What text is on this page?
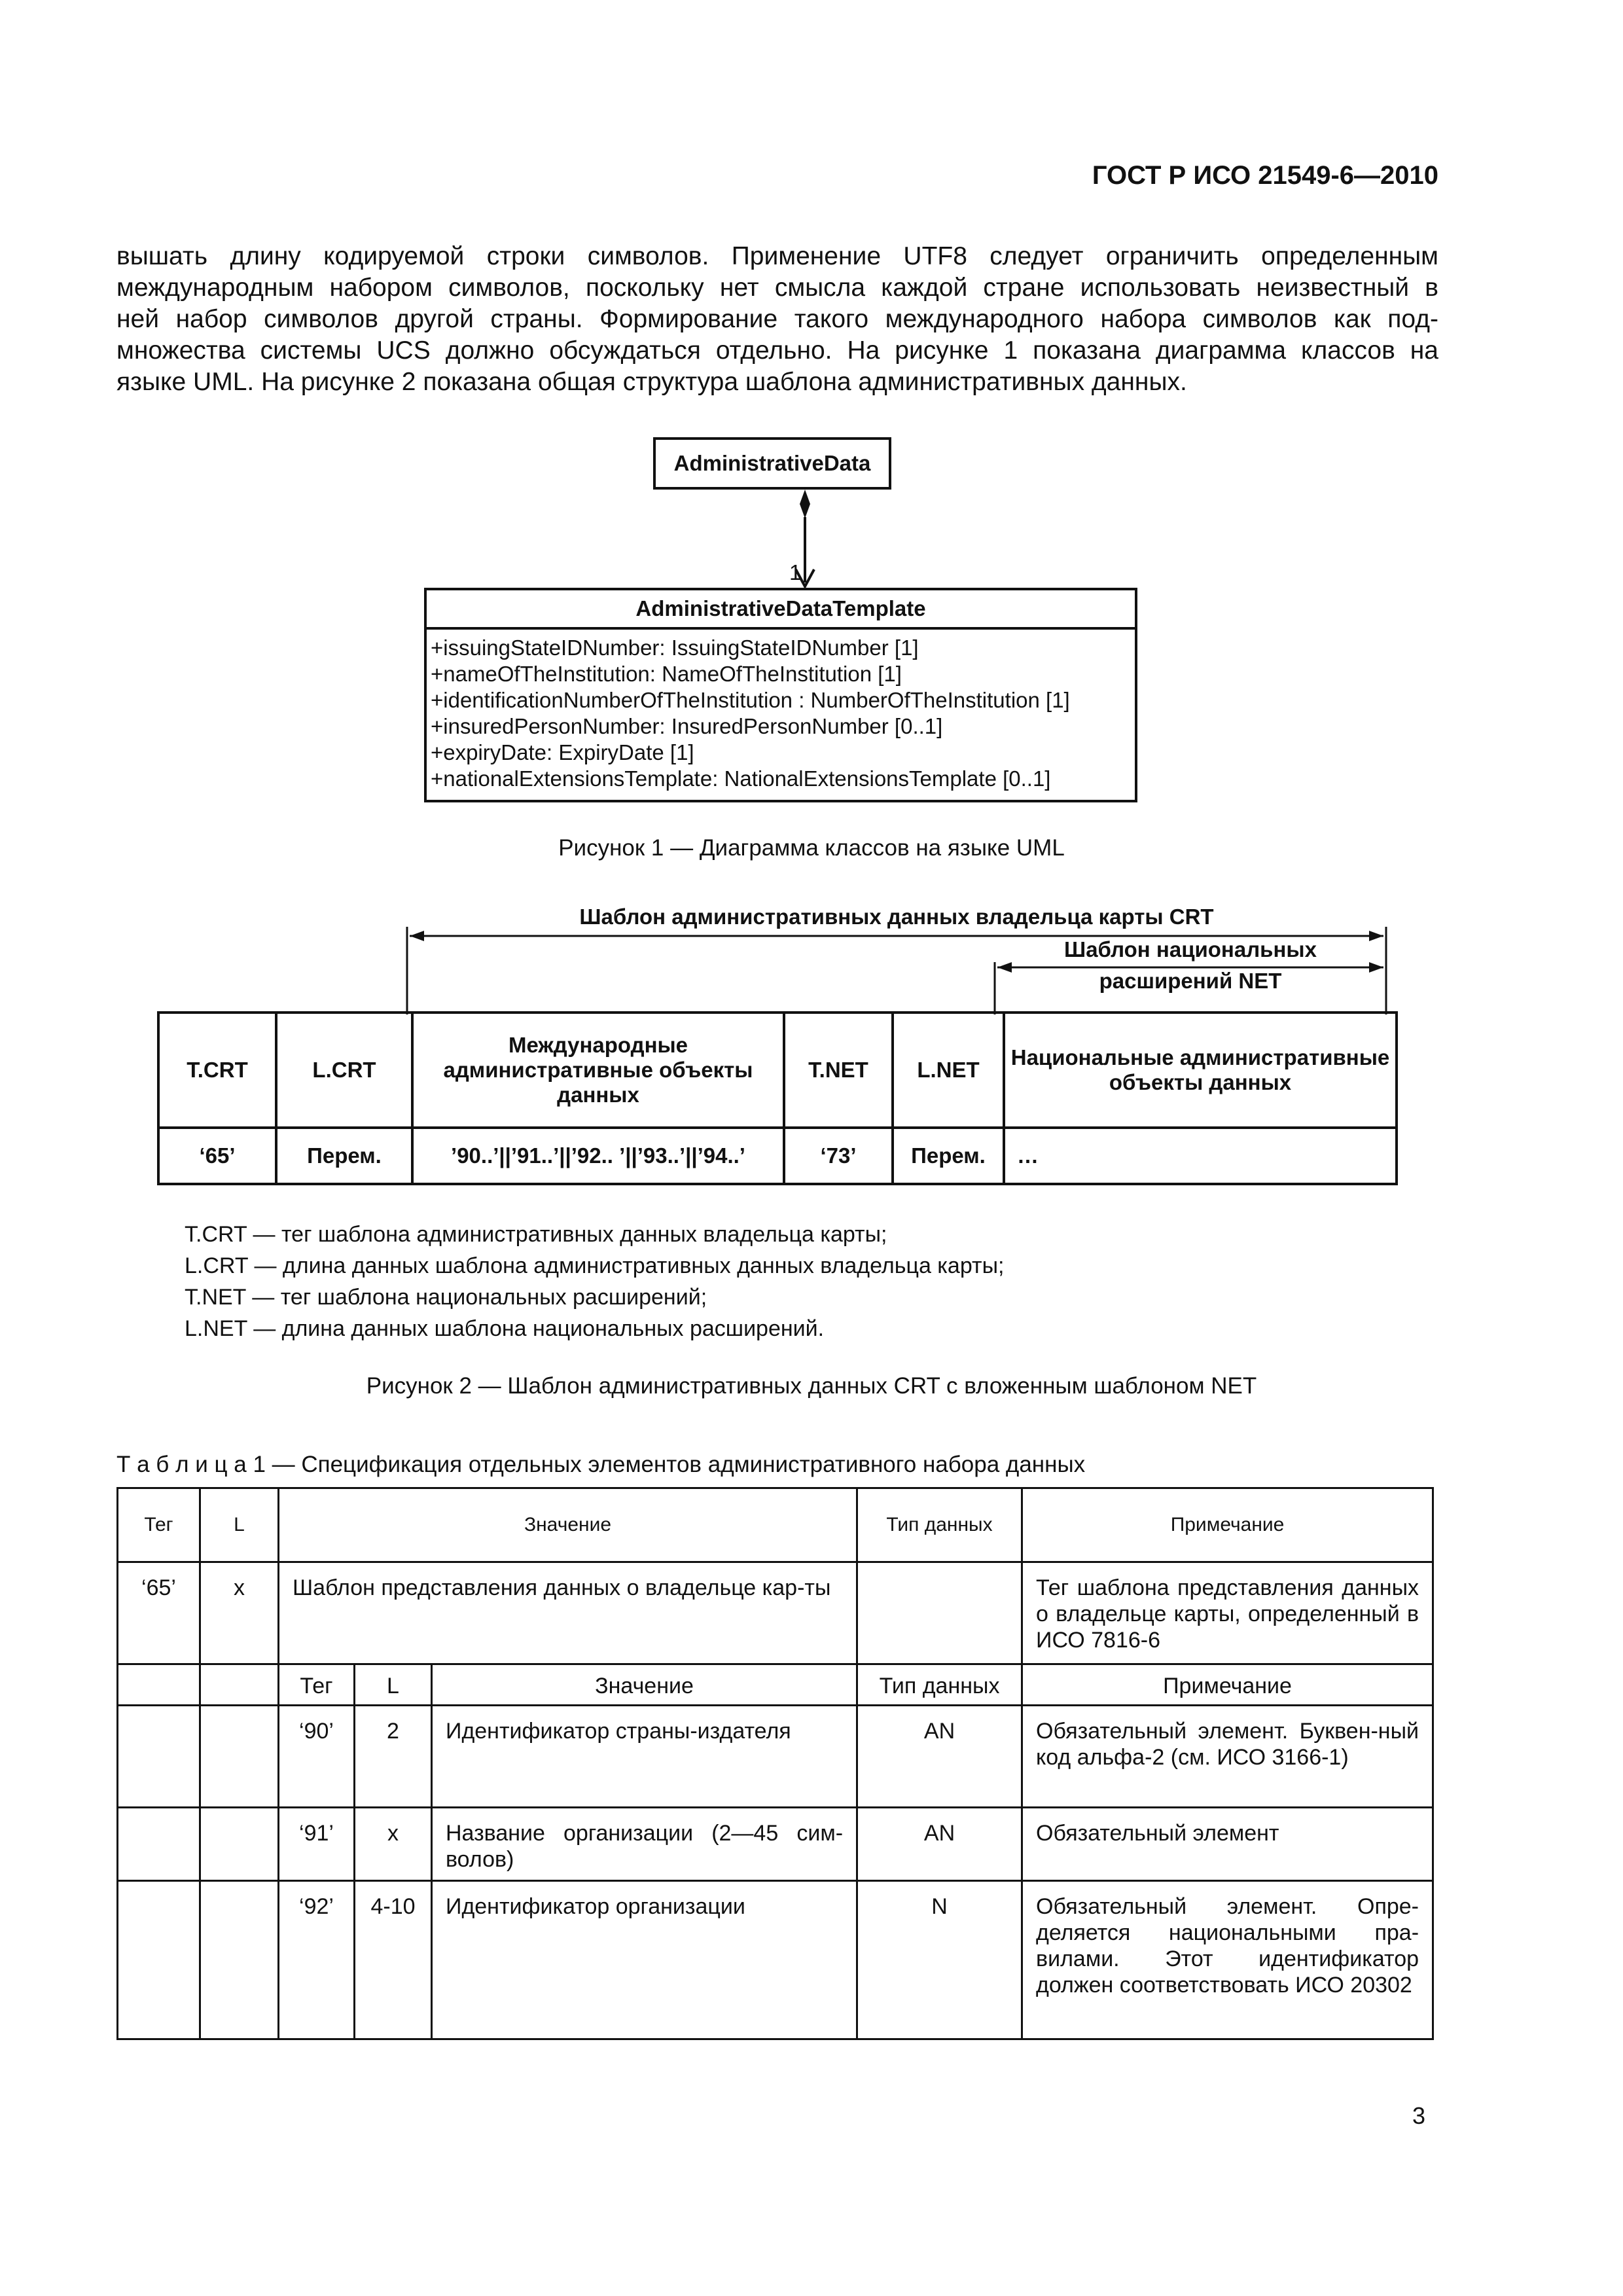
ГОСТ Р ИСО 21549-6—2010
вышать длину кодируемой строки символов. Применение UTF8 следует ограничить определенным
международным набором символов, поскольку нет смысла каждой стране использовать неизвестный в
ней набор символов другой страны. Формирование такого международного набора символов как под-
множества системы UCS должно обсуждаться отдельно. На рисунке 1 показана диаграмма классов на
языке UML. На рисунке 2 показана общая структура шаблона административных данных.
AdministrativeData
1
AdministrativeDataTemplate
+issuingStateIDNumber: IssuingStateIDNumber [1]
+nameOfTheInstitution: NameOfTheInstitution [1]
+identificationNumberOfTheInstitution : NumberOfTheInstitution [1]
+insuredPersonNumber: InsuredPersonNumber [0..1]
+expiryDate: ExpiryDate [1]
+nationalExtensionsTemplate: NationalExtensionsTemplate [0..1]
Рисунок 1 — Диаграмма классов на языке UML
Шаблон административных данных владельца карты CRT
Шаблон национальных
расширений NET
T.CRT	L.CRT	Международные административные объекты данных	T.NET	L.NET	Национальные административные объекты данных
‘65’	Перем.	’90..’||’91..’||’92.. ’||’93..’||’94..’	‘73’	Перем.	…
T.CRT — тег шаблона административных данных владельца карты;
L.CRT — длина данных шаблона административных данных владельца карты;
T.NET — тег шаблона национальных расширений;
L.NET — длина данных шаблона национальных расширений.
Рисунок 2 — Шаблон административных данных CRT с вложенным шаблоном NET
Т а б л и ц а 1 — Спецификация отдельных элементов административного набора данных
Тег	L	Значение			Тип данных	Примечание
‘65’	x	Шаблон представления данных о владельце кар-ты				Тег шаблона представления данных о владельце карты, определенный в ИСО 7816-6
		Тег	L	Значение	Тип данных	Примечание
		‘90’	2	Идентификатор страны-издателя	AN	Обязательный элемент. Буквен-ный код альфа-2 (см. ИСО 3166-1)
		‘91’	x	Название организации (2—45 сим-волов)	AN	Обязательный элемент
		‘92’	4-10	Идентификатор организации	N	Обязательный элемент. Опре-деляется национальными пра-вилами. Этот идентификатор должен соответствовать ИСО 20302
3
